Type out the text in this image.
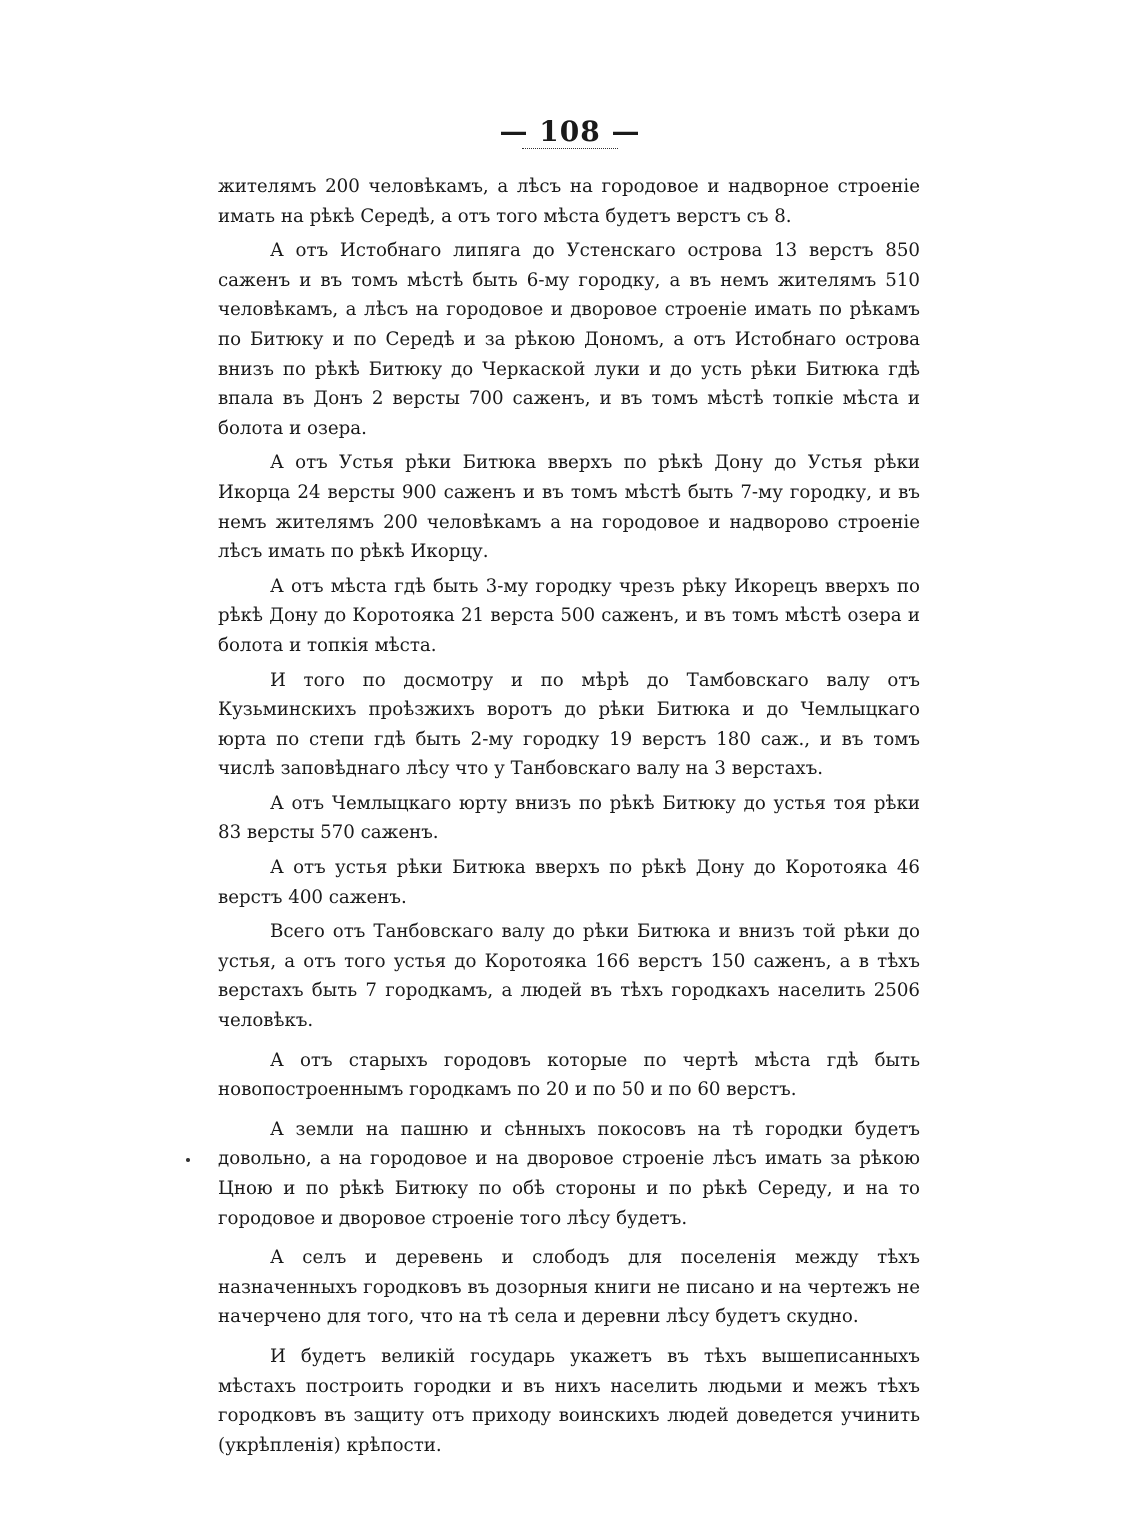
— 108 —

жителямъ 200 человѣкамъ, а лѣсъ на городовое и надворное строеніе имать на рѣкѣ Середѣ, а отъ того мѣста будетъ верстъ съ 8.

А отъ Истобнаго липяга до Устенскаго острова 13 верстъ 850 саженъ и въ томъ мѣстѣ быть 6-му городку, а въ немъ жителямъ 510 человѣкамъ, а лѣсъ на городовое и дворовое строеніе имать по рѣкамъ по Битюку и по Середѣ и за рѣкою Дономъ, а отъ Истобнаго острова внизъ по рѣкѣ Битюку до Черкаской луки и до усть рѣки Битюка гдѣ впала въ Донъ 2 версты 700 саженъ, и въ томъ мѣстѣ топкіе мѣста и болота и озера.

А отъ Устья рѣки Битюка вверхъ по рѣкѣ Дону до Устья рѣки Икорца 24 версты 900 саженъ и въ томъ мѣстѣ быть 7-му городку, и въ немъ жителямъ 200 человѣкамъ а на городовое и надворово строеніе лѣсъ имать по рѣкѣ Икорцу.

А отъ мѣста гдѣ быть 3-му городку чрезъ рѣку Икорецъ вверхъ по рѣкѣ Дону до Коротояка 21 верста 500 саженъ, и въ томъ мѣстѣ озера и болота и топкія мѣста.

И того по досмотру и по мѣрѣ до Тамбовскаго валу отъ Кузьминскихъ проѣзжихъ воротъ до рѣки Битюка и до Чемлыцкаго юрта по степи гдѣ быть 2-му городку 19 верстъ 180 саж., и въ томъ числѣ заповѣднаго лѣсу что у Танбовскаго валу на 3 верстахъ.

А отъ Чемлыцкаго юрту внизъ по рѣкѣ Битюку до устья тоя рѣки 83 версты 570 саженъ.

А отъ устья рѣки Битюка вверхъ по рѣкѣ Дону до Коротояка 46 верстъ 400 саженъ.

Всего отъ Танбовскаго валу до рѣки Битюка и внизъ той рѣки до устья, а отъ того устья до Коротояка 166 верстъ 150 саженъ, а в тѣхъ верстахъ быть 7 городкамъ, а людей въ тѣхъ городкахъ населить 2506 человѣкъ.

А отъ старыхъ городовъ которые по чертѣ мѣста гдѣ быть новопостроеннымъ городкамъ по 20 и по 50 и по 60 верстъ.

А земли на пашню и сѣнныхъ покосовъ на тѣ городки будетъ довольно, а на городовое и на дворовое строеніе лѣсъ имать за рѣкою Цною и по рѣкѣ Битюку по обѣ стороны и по рѣкѣ Середу, и на то городовое и дворовое строеніе того лѣсу будетъ.

А селъ и деревень и слободъ для поселенія между тѣхъ назначенныхъ городковъ въ дозорныя книги не писано и на чертежъ не начерчено для того, что на тѣ села и деревни лѣсу будетъ скудно.

И будетъ великій государь укажетъ въ тѣхъ вышеписанныхъ мѣстахъ построить городки и въ нихъ населить людьми и межъ тѣхъ городковъ въ защиту отъ приходу воинскихъ людей доведется учинить (укрѣпленія) крѣпости.
